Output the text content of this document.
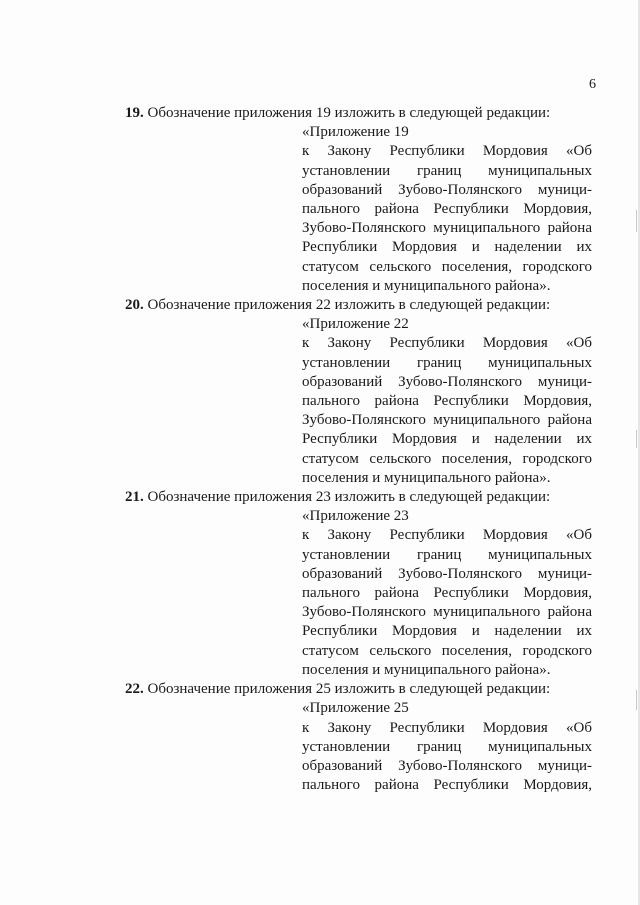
6
19. Обозначение приложения 19 изложить в следующей редакции:
«Приложение 19
к Закону Республики Мордовия «Об
установлении границ муниципальных
образований Зубово-Полянского муници-
пального района Республики Мордовия,
Зубово-Полянского муниципального района
Республики Мордовия и наделении их
статусом сельского поселения, городского
поселения и муниципального района».
20. Обозначение приложения 22 изложить в следующей редакции:
«Приложение 22
к Закону Республики Мордовия «Об
установлении границ муниципальных
образований Зубово-Полянского муници-
пального района Республики Мордовия,
Зубово-Полянского муниципального района
Республики Мордовия и наделении их
статусом сельского поселения, городского
поселения и муниципального района».
21. Обозначение приложения 23 изложить в следующей редакции:
«Приложение 23
к Закону Республики Мордовия «Об
установлении границ муниципальных
образований Зубово-Полянского муници-
пального района Республики Мордовия,
Зубово-Полянского муниципального района
Республики Мордовия и наделении их
статусом сельского поселения, городского
поселения и муниципального района».
22. Обозначение приложения 25 изложить в следующей редакции:
«Приложение 25
к Закону Республики Мордовия «Об
установлении границ муниципальных
образований Зубово-Полянского муници-
пального района Республики Мордовия,
